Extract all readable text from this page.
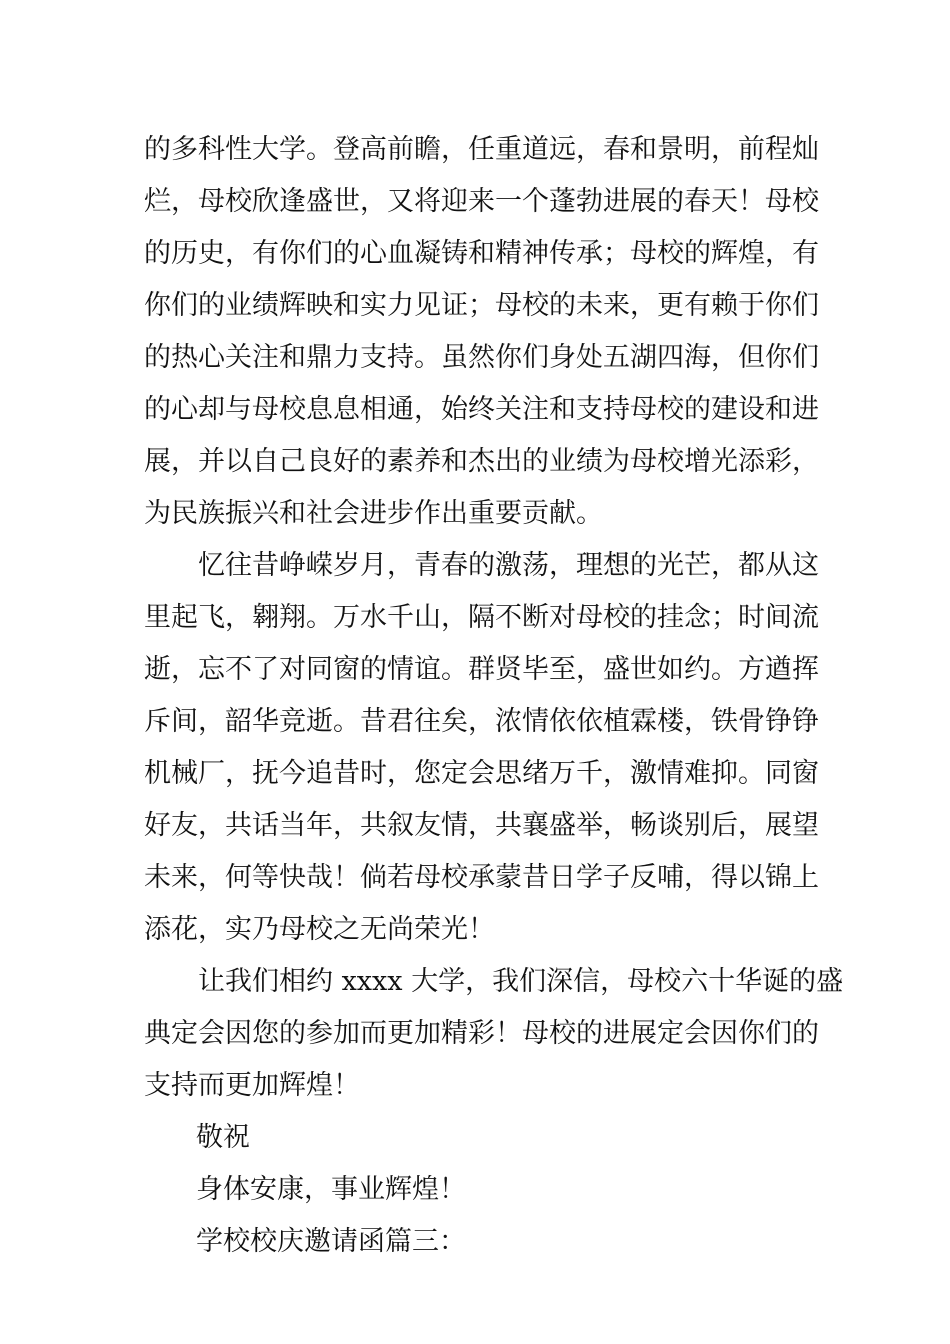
的多科性大学。登高前瞻，任重道远，春和景明，前程灿
烂，母校欣逢盛世，又将迎来一个蓬勃进展的春天！母校
的历史，有你们的心血凝铸和精神传承；母校的辉煌，有
你们的业绩辉映和实力见证；母校的未来，更有赖于你们
的热心关注和鼎力支持。虽然你们身处五湖四海，但你们
的心却与母校息息相通，始终关注和支持母校的建设和进
展，并以自己良好的素养和杰出的业绩为母校增光添彩，
为民族振兴和社会进步作出重要贡献。
忆往昔峥嵘岁月，青春的激荡，理想的光芒，都从这
里起飞，翱翔。万水千山，隔不断对母校的挂念；时间流
逝，忘不了对同窗的情谊。群贤毕至，盛世如约。方遒挥
斥间，韶华竞逝。昔君往矣，浓情依依植霖楼，铁骨铮铮
机械厂，抚今追昔时，您定会思绪万千，激情难抑。同窗
好友，共话当年，共叙友情，共襄盛举，畅谈别后，展望
未来，何等快哉！倘若母校承蒙昔日学子反哺，得以锦上
添花，实乃母校之无尚荣光！
让我们相约 xxxx 大学，我们深信，母校六十华诞的盛
典定会因您的参加而更加精彩！母校的进展定会因你们的
支持而更加辉煌！
敬祝
身体安康，事业辉煌！
学校校庆邀请函篇三：
